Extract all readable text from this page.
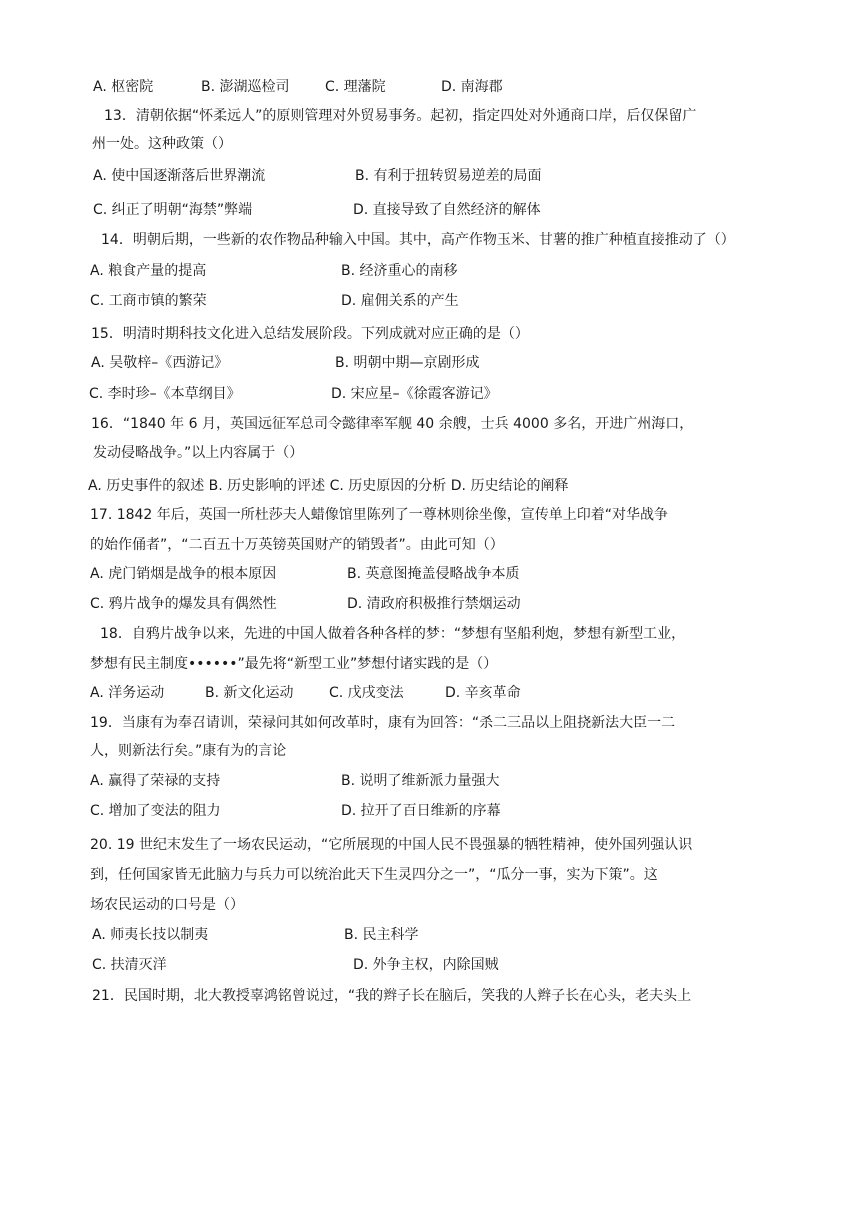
A. 枢密院	B. 澎湖巡检司	C. 理藩院	D. 南海郡
13．清朝依据“怀柔远人”的原则管理对外贸易事务。起初，指定四处对外通商口岸，后仅保留广
州一处。这种政策（）
A. 使中国逐渐落后世界潮流	B. 有利于扭转贸易逆差的局面
C. 纠正了明朝“海禁”弊端	D. 直接导致了自然经济的解体
14．明朝后期，一些新的农作物品种输入中国。其中，高产作物玉米、甘薯的推广种植直接推动了（）
A. 粮食产量的提高	B. 经济重心的南移
C. 工商市镇的繁荣	D. 雇佣关系的产生
15．明清时期科技文化进入总结发展阶段。下列成就对应正确的是（）
A. 吴敬梓–《西游记》	B. 明朝中期—京剧形成
C. 李时珍–《本草纲目》	D. 宋应星–《徐霞客游记》
16．“1840 年 6 月，英国远征军总司令懿律率军舰 40 余艘，士兵 4000 多名，开进广州海口，
发动侵略战争。”以上内容属于（）
A. 历史事件的叙述 B. 历史影响的评述 C. 历史原因的分析 D. 历史结论的阐释
17. 1842 年后，英国一所杜莎夫人蜡像馆里陈列了一尊林则徐坐像，宣传单上印着“对华战争
的始作俑者”，“二百五十万英镑英国财产的销毁者”。由此可知（）
A. 虎门销烟是战争的根本原因	B. 英意图掩盖侵略战争本质
C. 鸦片战争的爆发具有偶然性	D. 清政府积极推行禁烟运动
18．自鸦片战争以来，先进的中国人做着各种各样的梦：“梦想有坚船利炮，梦想有新型工业，
梦想有民主制度••••••”最先将“新型工业”梦想付诸实践的是（）
A. 洋务运动	B. 新文化运动	C. 戊戌变法	D. 辛亥革命
19．当康有为奉召请训，荣禄问其如何改革时，康有为回答：“杀二三品以上阻挠新法大臣一二
人，则新法行矣。”康有为的言论
A. 赢得了荣禄的支持	B. 说明了维新派力量强大
C. 增加了变法的阻力	D. 拉开了百日维新的序幕
20. 19 世纪末发生了一场农民运动，“它所展现的中国人民不畏强暴的牺牲精神，使外国列强认识
到，任何国家皆无此脑力与兵力可以统治此天下生灵四分之一”，“瓜分一事，实为下策”。这
场农民运动的口号是（）
A. 师夷长技以制夷	B. 民主科学
C. 扶清灭洋	D. 外争主权，内除国贼
21．民国时期，北大教授辜鸿铭曾说过，“我的辫子长在脑后，笑我的人辫子长在心头，老夫头上
